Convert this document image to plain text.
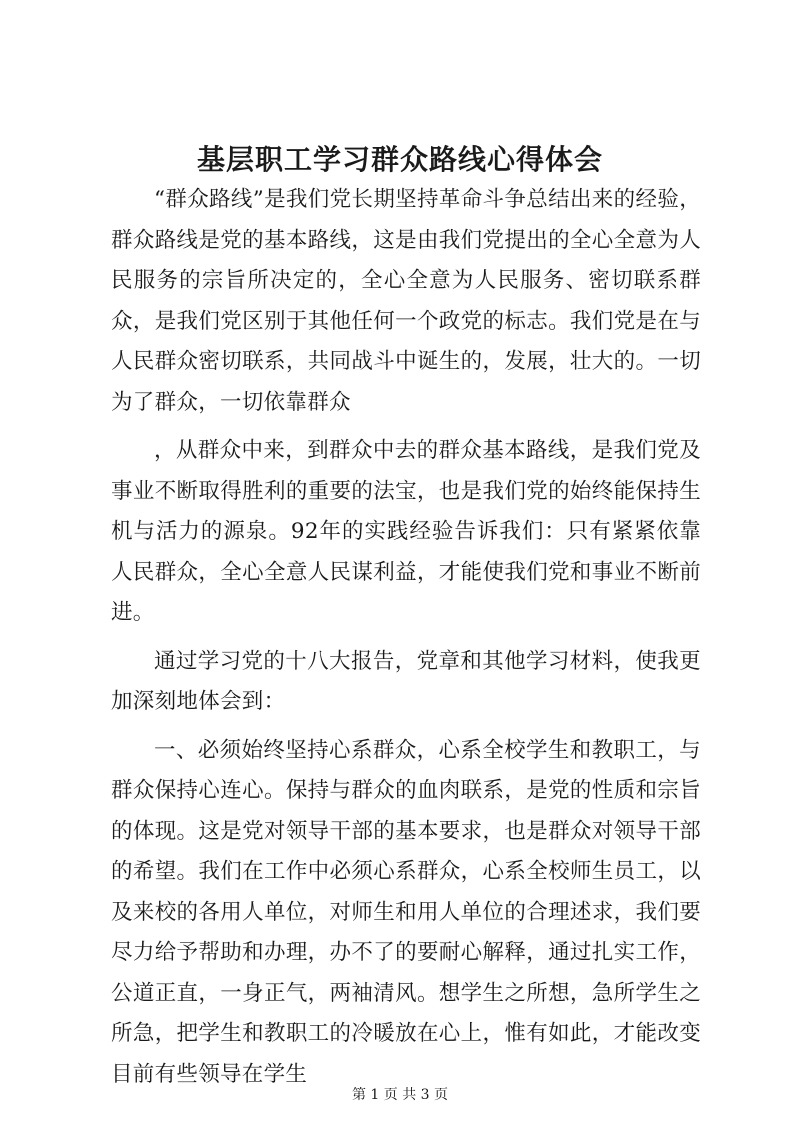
基层职工学习群众路线心得体会

“群众路线”是我们党长期坚持革命斗争总结出来的经验，群众路线是党的基本路线，这是由我们党提出的全心全意为人民服务的宗旨所决定的，全心全意为人民服务、密切联系群众，是我们党区别于其他任何一个政党的标志。我们党是在与人民群众密切联系，共同战斗中诞生的，发展，壮大的。一切为了群众，一切依靠群众

，从群众中来，到群众中去的群众基本路线，是我们党及事业不断取得胜利的重要的法宝，也是我们党的始终能保持生机与活力的源泉。92年的实践经验告诉我们：只有紧紧依靠人民群众，全心全意人民谋利益，才能使我们党和事业不断前进。

通过学习党的十八大报告，党章和其他学习材料，使我更加深刻地体会到：

一、必须始终坚持心系群众，心系全校学生和教职工，与群众保持心连心。保持与群众的血肉联系，是党的性质和宗旨的体现。这是党对领导干部的基本要求，也是群众对领导干部的希望。我们在工作中必须心系群众，心系全校师生员工，以及来校的各用人单位，对师生和用人单位的合理述求，我们要尽力给予帮助和办理，办不了的要耐心解释，通过扎实工作，公道正直，一身正气，两袖清风。想学生之所想，急所学生之所急，把学生和教职工的冷暖放在心上，惟有如此，才能改变目前有些领导在学生

第 1 页 共 3 页
